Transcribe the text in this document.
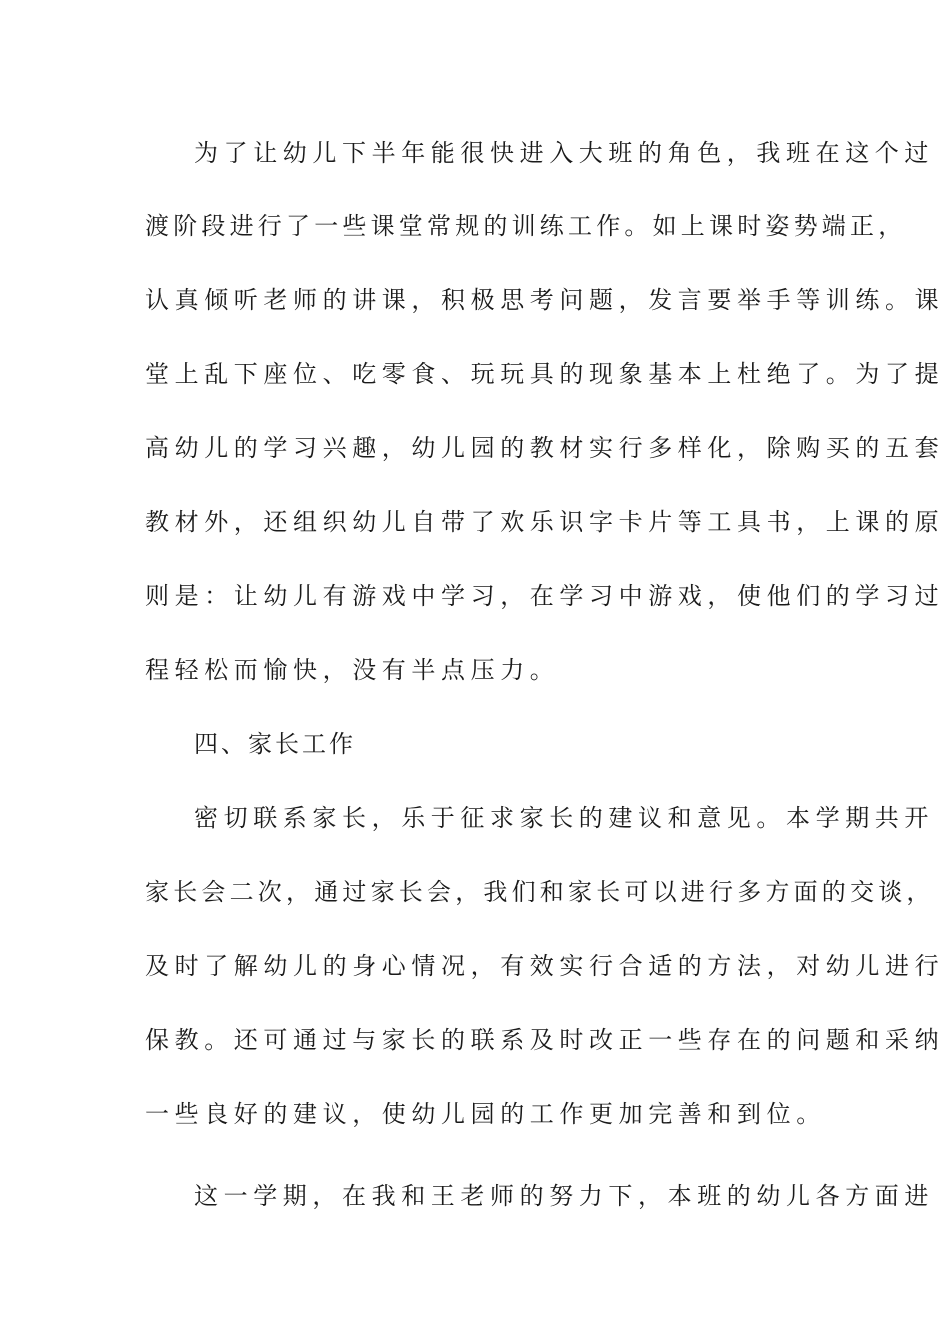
为了让幼儿下半年能很快进入大班的角色，我班在这个过
渡阶段进行了一些课堂常规的训练工作。如上课时姿势端正，
认真倾听老师的讲课，积极思考问题，发言要举手等训练。课
堂上乱下座位、吃零食、玩玩具的现象基本上杜绝了。为了提
高幼儿的学习兴趣，幼儿园的教材实行多样化，除购买的五套
教材外，还组织幼儿自带了欢乐识字卡片等工具书，上课的原
则是：让幼儿有游戏中学习，在学习中游戏，使他们的学习过
程轻松而愉快，没有半点压力。
四、家长工作
密切联系家长，乐于征求家长的建议和意见。本学期共开
家长会二次，通过家长会，我们和家长可以进行多方面的交谈，
及时了解幼儿的身心情况，有效实行合适的方法，对幼儿进行
保教。还可通过与家长的联系及时改正一些存在的问题和采纳
一些良好的建议，使幼儿园的工作更加完善和到位。
这一学期，在我和王老师的努力下，本班的幼儿各方面进
